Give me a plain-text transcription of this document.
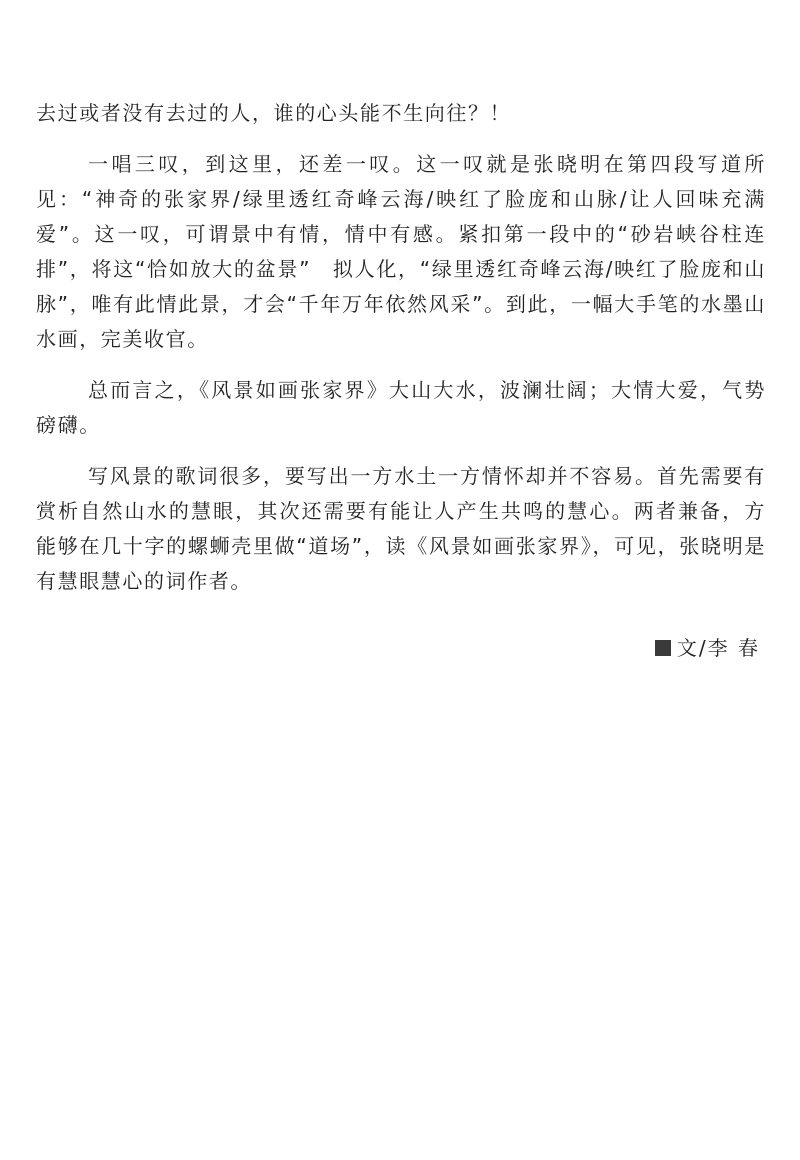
去过或者没有去过的人，谁的心头能不生向往？！

一唱三叹，到这里，还差一叹。这一叹就是张晓明在第四段写道所见：“神奇的张家界/绿里透红奇峰云海/映红了脸庞和山脉/让人回味充满爱”。这一叹，可谓景中有情，情中有感。紧扣第一段中的“砂岩峡谷柱连排”，将这“恰如放大的盆景”　拟人化，“绿里透红奇峰云海/映红了脸庞和山脉”，唯有此情此景，才会“千年万年依然风采”。到此，一幅大手笔的水墨山水画，完美收官。

总而言之，《风景如画张家界》大山大水，波澜壮阔；大情大爱，气势磅礴。

写风景的歌词很多，要写出一方水土一方情怀却并不容易。首先需要有赏析自然山水的慧眼，其次还需要有能让人产生共鸣的慧心。两者兼备，方能够在几十字的螺蛳壳里做“道场”，读《风景如画张家界》，可见，张晓明是有慧眼慧心的词作者。

文/李 春
